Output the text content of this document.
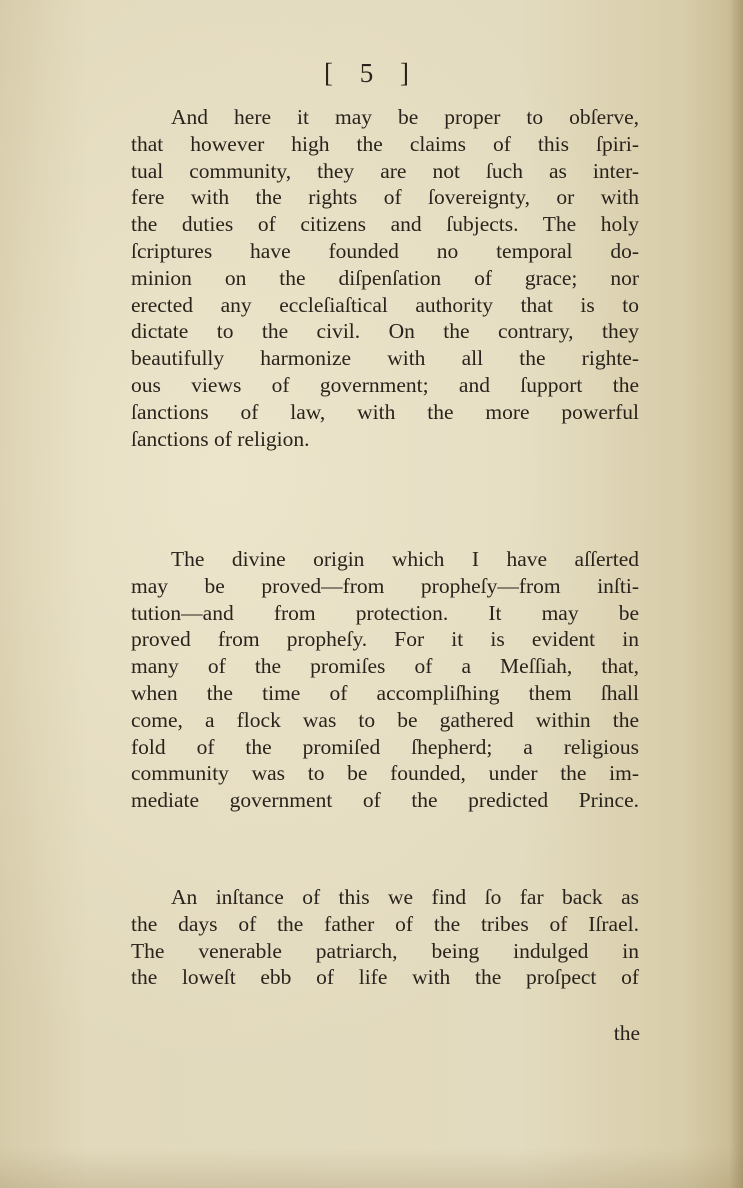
[ 5 ]
And here it may be proper to obſerve,
that however high the claims of this ſpiri-
tual community, they are not ſuch as inter-
fere with the rights of ſovereignty, or with
the duties of citizens and ſubjects. The holy
ſcriptures have founded no temporal do-
minion on the diſpenſation of grace; nor
erected any eccleſiaſtical authority that is to
dictate to the civil. On the contrary, they
beautifully harmonize with all the righte-
ous views of government; and ſupport the
ſanctions of law, with the more powerful
ſanctions of religion.
The divine origin which I have aſſerted
may be proved—from propheſy—from inſti-
tution—and from protection. It may be
proved from propheſy. For it is evident in
many of the promiſes of a Meſſiah, that,
when the time of accompliſhing them ſhall
come, a flock was to be gathered within the
fold of the promiſed ſhepherd; a religious
community was to be founded, under the im-
mediate government of the predicted Prince.
An inſtance of this we find ſo far back as
the days of the father of the tribes of Iſrael.
The venerable patriarch, being indulged in
the loweſt ebb of life with the proſpect of
the
